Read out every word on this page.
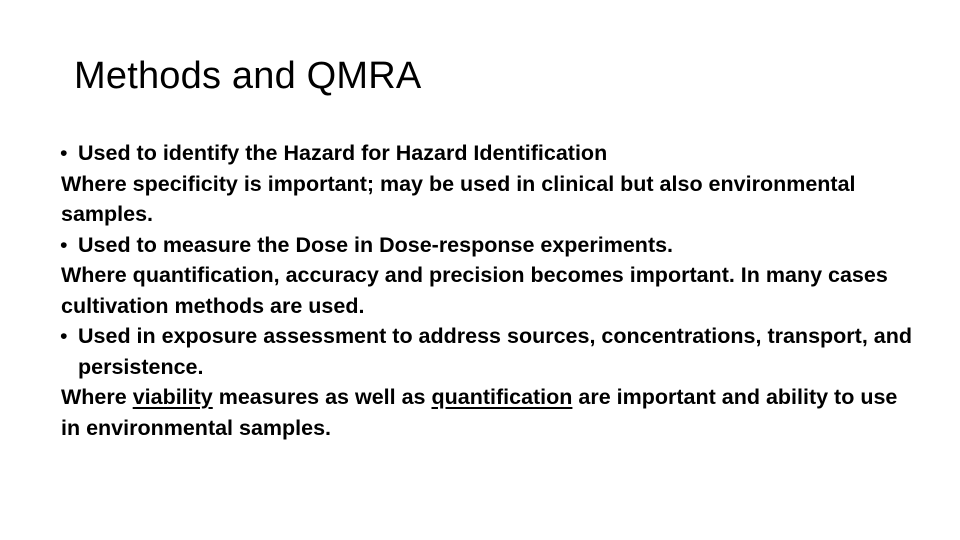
Methods and QMRA
• Used to identify the Hazard for Hazard Identification
Where specificity is important; may be used in clinical but also environmental samples.
• Used to measure the Dose in Dose-response experiments.
Where quantification, accuracy and precision becomes important. In many cases cultivation methods are used.
• Used in exposure assessment to address sources, concentrations, transport, and persistence.
Where viability measures as well as quantification are important and ability to use in environmental samples.
